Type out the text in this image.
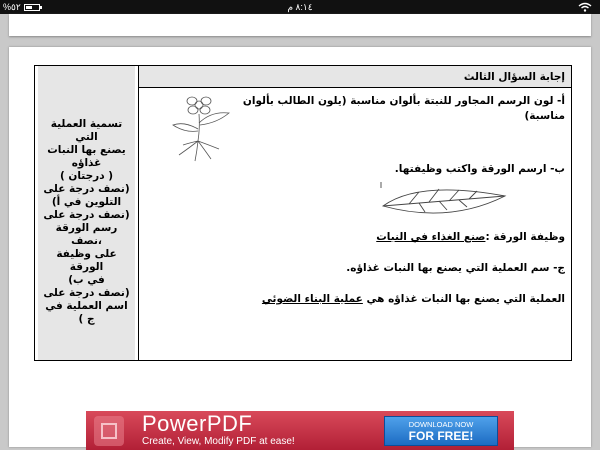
%٥٢	٨:١٤ م
تسمية العملية التي
يصنع بها النبات
غذاؤه
( درجتان )
(نصف درجة على
التلوين في أ)
(نصف درجة على
رسم الورقة ،نصف
على وظيفة الورقة
في ب)
(نصف درجة على
اسم العملية في ج )
إجابة السؤال الثالث
أ- لون الرسم المجاور للنبتة بألوان مناسبة (يلون الطالب بألوان
مناسبة)
ب- ارسم الورقة واكتب وظيفتها.
وظيفة الورقة :صنع الغذاء في النبات
ج- سم العملية التي يصنع بها النبات غذاؤه.
العملية التي يصنع بها النبات غذاؤه هي عملية البناء الضوئي
PowerPDF
Create, View, Modify PDF at ease!
DOWNLOAD NOW
FOR FREE!
